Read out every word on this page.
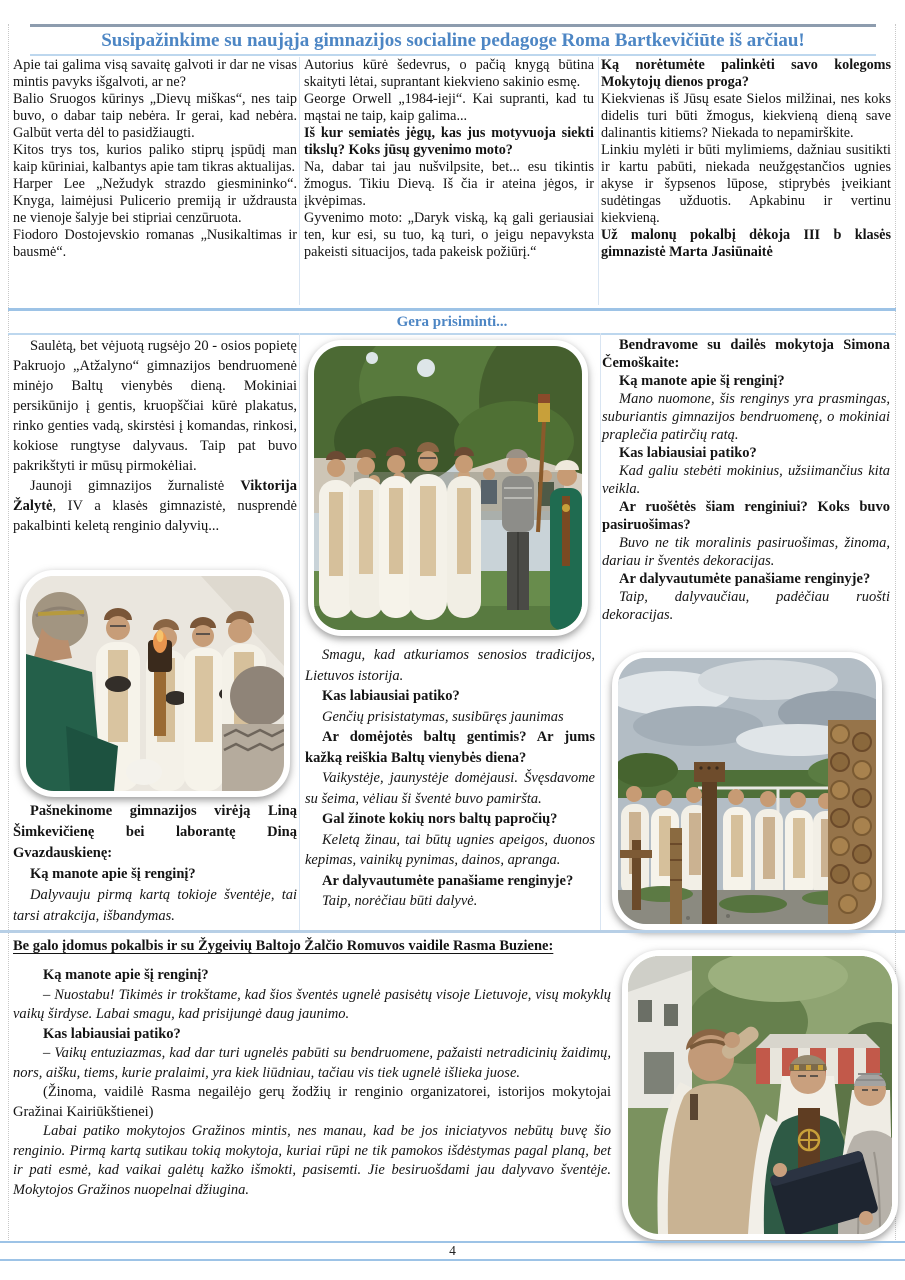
Susipažinkime su naująja gimnazijos socialine pedagoge Roma Bartkevičiūte iš arčiau!

Apie tai galima visą savaitę galvoti ir dar ne visas mintis pavyks išgalvoti, ar ne?

Balio Sruogos kūrinys „Dievų miškas“, nes taip buvo, o dabar taip nebėra. Ir gerai, kad nebėra. Galbūt verta dėl to pasidžiaugti.

Kitos trys tos, kurios paliko stiprų įspūdį man kaip kūriniai, kalbantys apie tam tikras aktualijas.

Harper Lee „Nežudyk strazdo giesmininko“. Knyga, laimėjusi Pulicerio premiją ir uždrausta ne vienoje šalyje bei stipriai cenzūruota.

Fiodoro Dostojevskio romanas „Nusikaltimas ir bausmė“.

Autorius kūrė šedevrus, o pačią knygą būtina skaityti lėtai, suprantant kiekvieno sakinio esmę.

George Orwell „1984-ieji“. Kai supranti, kad tu mąstai ne taip, kaip galima...

Iš kur semiatės jėgų, kas jus motyvuoja siekti tikslų? Koks jūsų gyvenimo moto?

Na, dabar tai jau nušvilpsite, bet... esu tikintis žmogus. Tikiu Dievą. Iš čia ir ateina jėgos, ir įkvėpimas.

Gyvenimo moto: „Daryk viską, ką gali geriausiai ten, kur esi, su tuo, ką turi, o jeigu nepavyksta pakeisti situacijos, tada pakeisk požiūrį.“

Ką norėtumėte palinkėti savo kolegoms Mokytojų dienos proga?

Kiekvienas iš Jūsų esate Sielos milžinai, nes koks didelis turi būti žmogus, kiekvieną dieną save dalinantis kitiems? Niekada to nepamirškite.

Linkiu mylėti ir būti mylimiems, dažniau susitikti ir kartu pabūti, niekada neužgęstančios ugnies akyse ir šypsenos lūpose, stiprybės įveikiant sudėtingas užduotis. Apkabinu ir vertinu kiekvieną.

Už malonų pokalbį dėkoja III b klasės gimnazistė Marta Jasiūnaitė

Gera prisiminti...

Saulėtą, bet vėjuotą rugsėjo 20 - osios popietę Pakruojo „Atžalyno“ gimnazijos bendruomenė minėjo Baltų vienybės dieną. Mokiniai persikūnijo į gentis, kruopščiai kūrė plakatus, rinko genties vadą, skirstėsi į komandas, rinkosi, kokiose rungtyse dalyvaus. Taip pat buvo pakrikštyti ir mūsų pirmokėliai.

Jaunoji gimnazijos žurnalistė Viktorija Žalytė, IV a klasės gimnazistė, nusprendė pakalbinti keletą renginio dalyvių...

Pašnekinome gimnazijos virėją Liną Šimkevičienę bei laborantę Diną Gvazdauskienę:

Ką manote apie šį renginį?

Dalyvauju pirmą kartą tokioje šventėje, tai tarsi atrakcija, išbandymas.

Smagu, kad atkuriamos senosios tradicijos, Lietuvos istorija.

Kas labiausiai patiko?

Genčių prisistatymas, susibūręs jaunimas

Ar domėjotės baltų gentimis? Ar jums kažką reiškia Baltų vienybės diena?

Vaikystėje, jaunystėje domėjausi. Švęsdavome su šeima, vėliau ši šventė buvo pamiršta.

Gal žinote kokių nors baltų papročių?

Keletą žinau, tai būtų ugnies apeigos, duonos kepimas, vainikų pynimas, dainos, apranga.

Ar dalyvautumėte panašiame renginyje?

Taip, norėčiau būti dalyvė.

Bendravome su dailės mokytoja Simona Čemoškaite:

Ką manote apie šį renginį?

Mano nuomone, šis renginys yra prasmingas, suburiantis gimnazijos bendruomenę, o mokiniai praplečia patirčių ratą.

Kas labiausiai patiko?

Kad galiu stebėti mokinius, užsiimančius kita veikla.

Ar ruošėtės šiam renginiui? Koks buvo pasiruošimas?

Buvo ne tik moralinis pasiruošimas, žinoma, dariau ir šventės dekoracijas.

Ar dalyvautumėte panašiame renginyje?

Taip, dalyvaučiau, padėčiau ruošti dekoracijas.

Be galo įdomus pokalbis ir su Žygeivių Baltojo Žalčio Romuvos vaidile Rasma Buziene:

Ką manote apie šį renginį?

– Nuostabu! Tikimės ir trokštame, kad šios šventės ugnelė pasisėtų visoje Lietuvoje, visų mokyklų vaikų širdyse. Labai smagu, kad prisijungė daug jaunimo.

Kas labiausiai patiko?

– Vaikų entuziazmas, kad dar turi ugnelės pabūti su bendruomene, pažaisti netradicinių žaidimų, nors, aišku, tiems, kurie pralaimi, yra kiek liūdniau, tačiau vis tiek ugnelė išlieka juose.

(Žinoma, vaidilė Rasma negailėjo gerų žodžių ir renginio organizatorei, istorijos mokytojai Gražinai Kairiūkštienei)

Labai patiko mokytojos Gražinos mintis, nes manau, kad be jos iniciatyvos nebūtų buvę šio renginio. Pirmą kartą sutikau tokią mokytoja, kuriai rūpi ne tik pamokos išdėstymas pagal planą, bet ir pati esmė, kad vaikai galėtų kažko išmokti, pasisemti. Jie besiruošdami jau dalyvavo šventėje. Mokytojos Gražinos nuopelnai džiugina.

4
